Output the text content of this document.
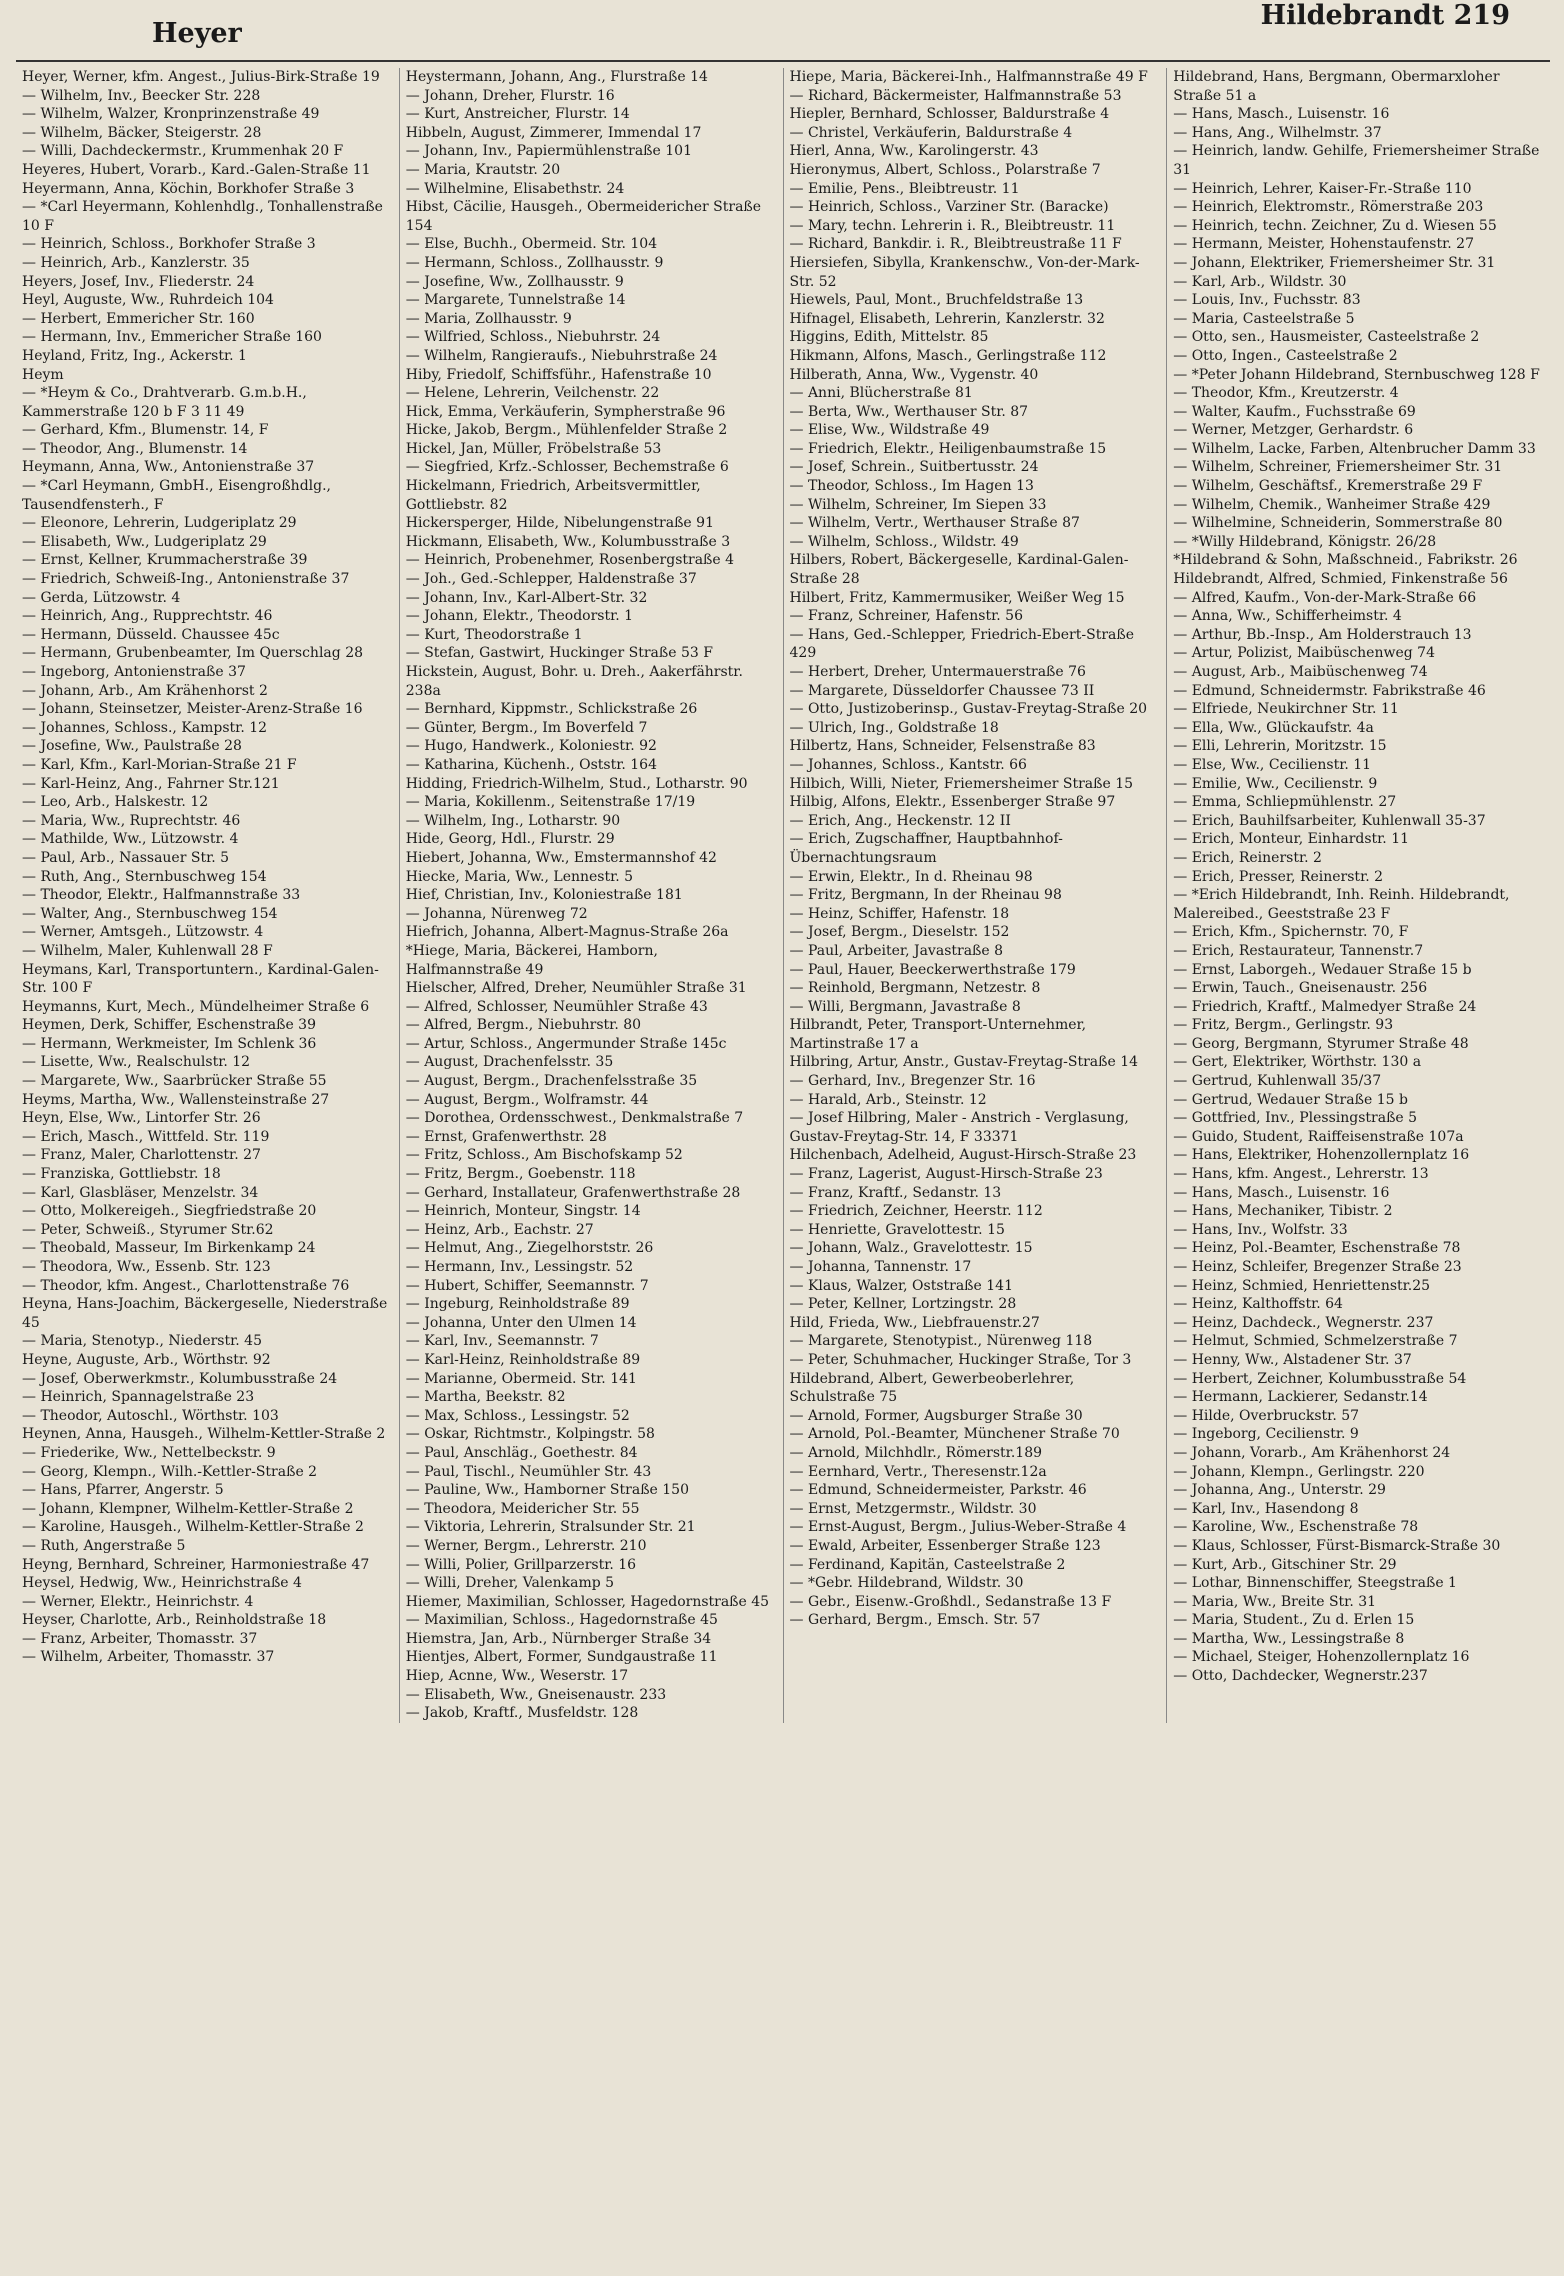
Heyer
Hildebrandt 219

Heyer, Werner, kfm. Angest., Julius-Birk-Straße 19

— Wilhelm, Inv., Beecker Str. 228

— Wilhelm, Walzer, Kronprinzenstraße 49

— Wilhelm, Bäcker, Steigerstr. 28

— Willi, Dachdeckermstr., Krummenhak 20 F

Heyeres, Hubert, Vorarb., Kard.-Galen-Straße 11

Heyermann, Anna, Köchin, Borkhofer Straße 3

— *Carl Heyermann, Kohlenhdlg., Tonhallenstraße 10 F

— Heinrich, Schloss., Borkhofer Straße 3

— Heinrich, Arb., Kanzlerstr. 35

Heyers, Josef, Inv., Fliederstr. 24

Heyl, Auguste, Ww., Ruhrdeich 104

— Herbert, Emmericher Str. 160

— Hermann, Inv., Emmericher Straße 160

Heyland, Fritz, Ing., Ackerstr. 1

Heym

— *Heym & Co., Drahtverarb. G.m.b.H., Kammerstraße 120 b F 3 11 49

— Gerhard, Kfm., Blumenstr. 14, F

— Theodor, Ang., Blumenstr. 14

Heymann, Anna, Ww., Antonienstraße 37

— *Carl Heymann, GmbH., Eisengroßhdlg., Tausendfensterh., F

— Eleonore, Lehrerin, Ludgeriplatz 29

— Elisabeth, Ww., Ludgeriplatz 29

— Ernst, Kellner, Krummacherstraße 39

— Friedrich, Schweiß-Ing., Antonienstraße 37

— Gerda, Lützowstr. 4

— Heinrich, Ang., Rupprechtstr. 46

— Hermann, Düsseld. Chaussee 45c

— Hermann, Grubenbeamter, Im Querschlag 28

— Ingeborg, Antonienstraße 37

— Johann, Arb., Am Krähenhorst 2

— Johann, Steinsetzer, Meister-Arenz-Straße 16

— Johannes, Schloss., Kampstr. 12

— Josefine, Ww., Paulstraße 28

— Karl, Kfm., Karl-Morian-Straße 21 F

— Karl-Heinz, Ang., Fahrner Str.121

— Leo, Arb., Halskestr. 12

— Maria, Ww., Ruprechtstr. 46

— Mathilde, Ww., Lützowstr. 4

— Paul, Arb., Nassauer Str. 5

— Ruth, Ang., Sternbuschweg 154

— Theodor, Elektr., Halfmannstraße 33

— Walter, Ang., Sternbuschweg 154

— Werner, Amtsgeh., Lützowstr. 4

— Wilhelm, Maler, Kuhlenwall 28 F

Heymans, Karl, Transportuntern., Kardinal-Galen-Str. 100 F

Heymanns, Kurt, Mech., Mündelheimer Straße 6

Heymen, Derk, Schiffer, Eschenstraße 39

— Hermann, Werkmeister, Im Schlenk 36

— Lisette, Ww., Realschulstr. 12

— Margarete, Ww., Saarbrücker Straße 55

Heyms, Martha, Ww., Wallensteinstraße 27

Heyn, Else, Ww., Lintorfer Str. 26

— Erich, Masch., Wittfeld. Str. 119

— Franz, Maler, Charlottenstr. 27

— Franziska, Gottliebstr. 18

— Karl, Glasbläser, Menzelstr. 34

— Otto, Molkereigeh., Siegfriedstraße 20

— Peter, Schweiß., Styrumer Str.62

— Theobald, Masseur, Im Birkenkamp 24

— Theodora, Ww., Essenb. Str. 123

— Theodor, kfm. Angest., Charlottenstraße 76

Heyna, Hans-Joachim, Bäckergeselle, Niederstraße 45

— Maria, Stenotyp., Niederstr. 45

Heyne, Auguste, Arb., Wörthstr. 92

— Josef, Oberwerkmstr., Kolumbusstraße 24

— Heinrich, Spannagelstraße 23

— Theodor, Autoschl., Wörthstr. 103

Heynen, Anna, Hausgeh., Wilhelm-Kettler-Straße 2

— Friederike, Ww., Nettelbeckstr. 9

— Georg, Klempn., Wilh.-Kettler-Straße 2

— Hans, Pfarrer, Angerstr. 5

— Johann, Klempner, Wilhelm-Kettler-Straße 2

— Karoline, Hausgeh., Wilhelm-Kettler-Straße 2

— Ruth, Angerstraße 5

Heyng, Bernhard, Schreiner, Harmoniestraße 47

Heysel, Hedwig, Ww., Heinrichstraße 4

— Werner, Elektr., Heinrichstr. 4

Heyser, Charlotte, Arb., Reinholdstraße 18

— Franz, Arbeiter, Thomasstr. 37

— Wilhelm, Arbeiter, Thomasstr. 37

Heystermann, Johann, Ang., Flurstraße 14

— Johann, Dreher, Flurstr. 16

— Kurt, Anstreicher, Flurstr. 14

Hibbeln, August, Zimmerer, Immendal 17

— Johann, Inv., Papiermühlenstraße 101

— Maria, Krautstr. 20

— Wilhelmine, Elisabethstr. 24

Hibst, Cäcilie, Hausgeh., Obermeidericher Straße 154

— Else, Buchh., Obermeid. Str. 104

— Hermann, Schloss., Zollhausstr. 9

— Josefine, Ww., Zollhausstr. 9

— Margarete, Tunnelstraße 14

— Maria, Zollhausstr. 9

— Wilfried, Schloss., Niebuhrstr. 24

— Wilhelm, Rangieraufs., Niebuhrstraße 24

Hiby, Friedolf, Schiffsführ., Hafenstraße 10

— Helene, Lehrerin, Veilchenstr. 22

Hick, Emma, Verkäuferin, Sympherstraße 96

Hicke, Jakob, Bergm., Mühlenfelder Straße 2

Hickel, Jan, Müller, Fröbelstraße 53

— Siegfried, Krfz.-Schlosser, Bechemstraße 6

Hickelmann, Friedrich, Arbeitsvermittler, Gottliebstr. 82

Hickersperger, Hilde, Nibelungenstraße 91

Hickmann, Elisabeth, Ww., Kolumbusstraße 3

— Heinrich, Probenehmer, Rosenbergstraße 4

— Joh., Ged.-Schlepper, Haldenstraße 37

— Johann, Inv., Karl-Albert-Str. 32

— Johann, Elektr., Theodorstr. 1

— Kurt, Theodorstraße 1

— Stefan, Gastwirt, Huckinger Straße 53 F

Hickstein, August, Bohr. u. Dreh., Aakerfährstr. 238a

— Bernhard, Kippmstr., Schlickstraße 26

— Günter, Bergm., Im Boverfeld 7

— Hugo, Handwerk., Koloniestr. 92

— Katharina, Küchenh., Oststr. 164

Hidding, Friedrich-Wilhelm, Stud., Lotharstr. 90

— Maria, Kokillenm., Seitenstraße 17/19

— Wilhelm, Ing., Lotharstr. 90

Hide, Georg, Hdl., Flurstr. 29

Hiebert, Johanna, Ww., Emstermannshof 42

Hiecke, Maria, Ww., Lennestr. 5

Hief, Christian, Inv., Koloniestraße 181

— Johanna, Nürenweg 72

Hiefrich, Johanna, Albert-Magnus-Straße 26a

*Hiege, Maria, Bäckerei, Hamborn, Halfmannstraße 49

Hielscher, Alfred, Dreher, Neumühler Straße 31

— Alfred, Schlosser, Neumühler Straße 43

— Alfred, Bergm., Niebuhrstr. 80

— Artur, Schloss., Angermunder Straße 145c

— August, Drachenfelsstr. 35

— August, Bergm., Drachenfelsstraße 35

— August, Bergm., Wolframstr. 44

— Dorothea, Ordensschwest., Denkmalstraße 7

— Ernst, Grafenwerthstr. 28

— Fritz, Schloss., Am Bischofskamp 52

— Fritz, Bergm., Goebenstr. 118

— Gerhard, Installateur, Grafenwerthstraße 28

— Heinrich, Monteur, Singstr. 14

— Heinz, Arb., Eachstr. 27

— Helmut, Ang., Ziegelhorststr. 26

— Hermann, Inv., Lessingstr. 52

— Hubert, Schiffer, Seemannstr. 7

— Ingeburg, Reinholdstraße 89

— Johanna, Unter den Ulmen 14

— Karl, Inv., Seemannstr. 7

— Karl-Heinz, Reinholdstraße 89

— Marianne, Obermeid. Str. 141

— Martha, Beekstr. 82

— Max, Schloss., Lessingstr. 52

— Oskar, Richtmstr., Kolpingstr. 58

— Paul, Anschläg., Goethestr. 84

— Paul, Tischl., Neumühler Str. 43

— Pauline, Ww., Hamborner Straße 150

— Theodora, Meidericher Str. 55

— Viktoria, Lehrerin, Stralsunder Str. 21

— Werner, Bergm., Lehrerstr. 210

— Willi, Polier, Grillparzerstr. 16

— Willi, Dreher, Valenkamp 5

Hiemer, Maximilian, Schlosser, Hagedornstraße 45

— Maximilian, Schloss., Hagedornstraße 45

Hiemstra, Jan, Arb., Nürnberger Straße 34

Hientjes, Albert, Former, Sundgaustraße 11

Hiep, Acnne, Ww., Weserstr. 17

— Elisabeth, Ww., Gneisenaustr. 233

— Jakob, Kraftf., Musfeldstr. 128

Hiepe, Maria, Bäckerei-Inh., Halfmannstraße 49 F

— Richard, Bäckermeister, Halfmannstraße 53

Hiepler, Bernhard, Schlosser, Baldurstraße 4

— Christel, Verkäuferin, Baldurstraße 4

Hierl, Anna, Ww., Karolingerstr. 43

Hieronymus, Albert, Schloss., Polarstraße 7

— Emilie, Pens., Bleibtreustr. 11

— Heinrich, Schloss., Varziner Str. (Baracke)

— Mary, techn. Lehrerin i. R., Bleibtreustr. 11

— Richard, Bankdir. i. R., Bleibtreustraße 11 F

Hiersiefen, Sibylla, Krankenschw., Von-der-Mark-Str. 52

Hiewels, Paul, Mont., Bruchfeldstraße 13

Hifnagel, Elisabeth, Lehrerin, Kanzlerstr. 32

Higgins, Edith, Mittelstr. 85

Hikmann, Alfons, Masch., Gerlingstraße 112

Hilberath, Anna, Ww., Vygenstr. 40

— Anni, Blücherstraße 81

— Berta, Ww., Werthauser Str. 87

— Elise, Ww., Wildstraße 49

— Friedrich, Elektr., Heiligenbaumstraße 15

— Josef, Schrein., Suitbertusstr. 24

— Theodor, Schloss., Im Hagen 13

— Wilhelm, Schreiner, Im Siepen 33

— Wilhelm, Vertr., Werthauser Straße 87

— Wilhelm, Schloss., Wildstr. 49

Hilbers, Robert, Bäckergeselle, Kardinal-Galen-Straße 28

Hilbert, Fritz, Kammermusiker, Weißer Weg 15

— Franz, Schreiner, Hafenstr. 56

— Hans, Ged.-Schlepper, Friedrich-Ebert-Straße 429

— Herbert, Dreher, Untermauerstraße 76

— Margarete, Düsseldorfer Chaussee 73 II

— Otto, Justizoberinsp., Gustav-Freytag-Straße 20

— Ulrich, Ing., Goldstraße 18

Hilbertz, Hans, Schneider, Felsenstraße 83

— Johannes, Schloss., Kantstr. 66

Hilbich, Willi, Nieter, Friemersheimer Straße 15

Hilbig, Alfons, Elektr., Essenberger Straße 97

— Erich, Ang., Heckenstr. 12 II

— Erich, Zugschaffner, Hauptbahnhof-Übernachtungsraum

— Erwin, Elektr., In d. Rheinau 98

— Fritz, Bergmann, In der Rheinau 98

— Heinz, Schiffer, Hafenstr. 18

— Josef, Bergm., Dieselstr. 152

— Paul, Arbeiter, Javastraße 8

— Paul, Hauer, Beeckerwerthstraße 179

— Reinhold, Bergmann, Netzestr. 8

— Willi, Bergmann, Javastraße 8

Hilbrandt, Peter, Transport-Unternehmer, Martinstraße 17 a

Hilbring, Artur, Anstr., Gustav-Freytag-Straße 14

— Gerhard, Inv., Bregenzer Str. 16

— Harald, Arb., Steinstr. 12

— Josef Hilbring, Maler - Anstrich - Verglasung, Gustav-Freytag-Str. 14, F 33371

Hilchenbach, Adelheid, August-Hirsch-Straße 23

— Franz, Lagerist, August-Hirsch-Straße 23

— Franz, Kraftf., Sedanstr. 13

— Friedrich, Zeichner, Heerstr. 112

— Henriette, Gravelottestr. 15

— Johann, Walz., Gravelottestr. 15

— Johanna, Tannenstr. 17

— Klaus, Walzer, Oststraße 141

— Peter, Kellner, Lortzingstr. 28

Hild, Frieda, Ww., Liebfrauenstr.27

— Margarete, Stenotypist., Nürenweg 118

— Peter, Schuhmacher, Huckinger Straße, Tor 3

Hildebrand, Albert, Gewerbeoberlehrer, Schulstraße 75

— Arnold, Former, Augsburger Straße 30

— Arnold, Pol.-Beamter, Münchener Straße 70

— Arnold, Milchhdlr., Römerstr.189

— Eernhard, Vertr., Theresenstr.12a

— Edmund, Schneidermeister, Parkstr. 46

— Ernst, Metzgermstr., Wildstr. 30

— Ernst-August, Bergm., Julius-Weber-Straße 4

— Ewald, Arbeiter, Essenberger Straße 123

— Ferdinand, Kapitän, Casteelstraße 2

— *Gebr. Hildebrand, Wildstr. 30

— Gebr., Eisenw.-Großhdl., Sedanstraße 13 F

— Gerhard, Bergm., Emsch. Str. 57

Hildebrand, Hans, Bergmann, Obermarxloher Straße 51 a

— Hans, Masch., Luisenstr. 16

— Hans, Ang., Wilhelmstr. 37

— Heinrich, landw. Gehilfe, Friemersheimer Straße 31

— Heinrich, Lehrer, Kaiser-Fr.-Straße 110

— Heinrich, Elektromstr., Römerstraße 203

— Heinrich, techn. Zeichner, Zu d. Wiesen 55

— Hermann, Meister, Hohenstaufenstr. 27

— Johann, Elektriker, Friemersheimer Str. 31

— Karl, Arb., Wildstr. 30

— Louis, Inv., Fuchsstr. 83

— Maria, Casteelstraße 5

— Otto, sen., Hausmeister, Casteelstraße 2

— Otto, Ingen., Casteelstraße 2

— *Peter Johann Hildebrand, Sternbuschweg 128 F

— Theodor, Kfm., Kreutzerstr. 4

— Walter, Kaufm., Fuchsstraße 69

— Werner, Metzger, Gerhardstr. 6

— Wilhelm, Lacke, Farben, Altenbrucher Damm 33

— Wilhelm, Schreiner, Friemersheimer Str. 31

— Wilhelm, Geschäftsf., Kremerstraße 29 F

— Wilhelm, Chemik., Wanheimer Straße 429

— Wilhelmine, Schneiderin, Sommerstraße 80

— *Willy Hildebrand, Königstr. 26/28

*Hildebrand & Sohn, Maßschneid., Fabrikstr. 26

Hildebrandt, Alfred, Schmied, Finkenstraße 56

— Alfred, Kaufm., Von-der-Mark-Straße 66

— Anna, Ww., Schifferheimstr. 4

— Arthur, Bb.-Insp., Am Holderstrauch 13

— Artur, Polizist, Maibüschenweg 74

— August, Arb., Maibüschenweg 74

— Edmund, Schneidermstr. Fabrikstraße 46

— Elfriede, Neukirchner Str. 11

— Ella, Ww., Glückaufstr. 4a

— Elli, Lehrerin, Moritzstr. 15

— Else, Ww., Cecilienstr. 11

— Emilie, Ww., Cecilienstr. 9

— Emma, Schliepmühlenstr. 27

— Erich, Bauhilfsarbeiter, Kuhlenwall 35-37

— Erich, Monteur, Einhardstr. 11

— Erich, Reinerstr. 2

— Erich, Presser, Reinerstr. 2

— *Erich Hildebrandt, Inh. Reinh. Hildebrandt, Malereibed., Geeststraße 23 F

— Erich, Kfm., Spichernstr. 70, F

— Erich, Restaurateur, Tannenstr.7

— Ernst, Laborgeh., Wedauer Straße 15 b

— Erwin, Tauch., Gneisenaustr. 256

— Friedrich, Kraftf., Malmedyer Straße 24

— Fritz, Bergm., Gerlingstr. 93

— Georg, Bergmann, Styrumer Straße 48

— Gert, Elektriker, Wörthstr. 130 a

— Gertrud, Kuhlenwall 35/37

— Gertrud, Wedauer Straße 15 b

— Gottfried, Inv., Plessingstraße 5

— Guido, Student, Raiffeisenstraße 107a

— Hans, Elektriker, Hohenzollernplatz 16

— Hans, kfm. Angest., Lehrerstr. 13

— Hans, Masch., Luisenstr. 16

— Hans, Mechaniker, Tibistr. 2

— Hans, Inv., Wolfstr. 33

— Heinz, Pol.-Beamter, Eschenstraße 78

— Heinz, Schleifer, Bregenzer Straße 23

— Heinz, Schmied, Henriettenstr.25

— Heinz, Kalthoffstr. 64

— Heinz, Dachdeck., Wegnerstr. 237

— Helmut, Schmied, Schmelzerstraße 7

— Henny, Ww., Alstadener Str. 37

— Herbert, Zeichner, Kolumbusstraße 54

— Hermann, Lackierer, Sedanstr.14

— Hilde, Overbruckstr. 57

— Ingeborg, Cecilienstr. 9

— Johann, Vorarb., Am Krähenhorst 24

— Johann, Klempn., Gerlingstr. 220

— Johanna, Ang., Unterstr. 29

— Karl, Inv., Hasendong 8

— Karoline, Ww., Eschenstraße 78

— Klaus, Schlosser, Fürst-Bismarck-Straße 30

— Kurt, Arb., Gitschiner Str. 29

— Lothar, Binnenschiffer, Steegstraße 1

— Maria, Ww., Breite Str. 31

— Maria, Student., Zu d. Erlen 15

— Martha, Ww., Lessingstraße 8

— Michael, Steiger, Hohenzollernplatz 16

— Otto, Dachdecker, Wegnerstr.237
